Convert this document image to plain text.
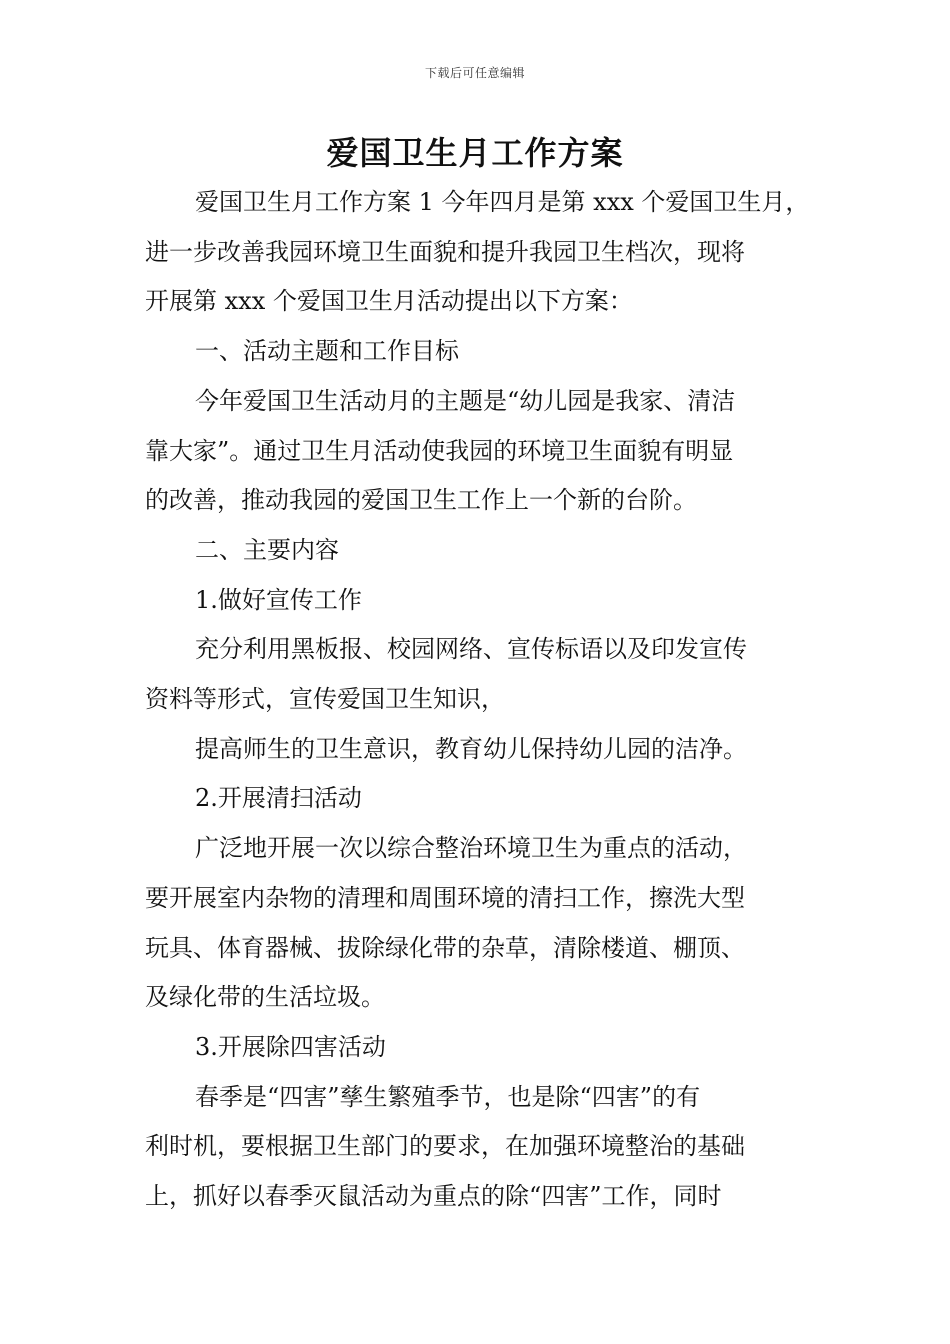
下载后可任意编辑
爱国卫生月工作方案
爱国卫生月工作方案 1 今年四月是第 xxx 个爱国卫生月，
进一步改善我园环境卫生面貌和提升我园卫生档次，现将
开展第 xxx 个爱国卫生月活动提出以下方案：
一、活动主题和工作目标
今年爱国卫生活动月的主题是“幼儿园是我家、清洁
靠大家”。通过卫生月活动使我园的环境卫生面貌有明显
的改善，推动我园的爱国卫生工作上一个新的台阶。
二、主要内容
1.做好宣传工作
充分利用黑板报、校园网络、宣传标语以及印发宣传
资料等形式，宣传爱国卫生知识，
提高师生的卫生意识，教育幼儿保持幼儿园的洁净。
2.开展清扫活动
广泛地开展一次以综合整治环境卫生为重点的活动，
要开展室内杂物的清理和周围环境的清扫工作，擦洗大型
玩具、体育器械、拔除绿化带的杂草，清除楼道、棚顶、
及绿化带的生活垃圾。
3.开展除四害活动
春季是“四害”孳生繁殖季节，也是除“四害”的有
利时机，要根据卫生部门的要求，在加强环境整治的基础
上，抓好以春季灭鼠活动为重点的除“四害”工作，同时
